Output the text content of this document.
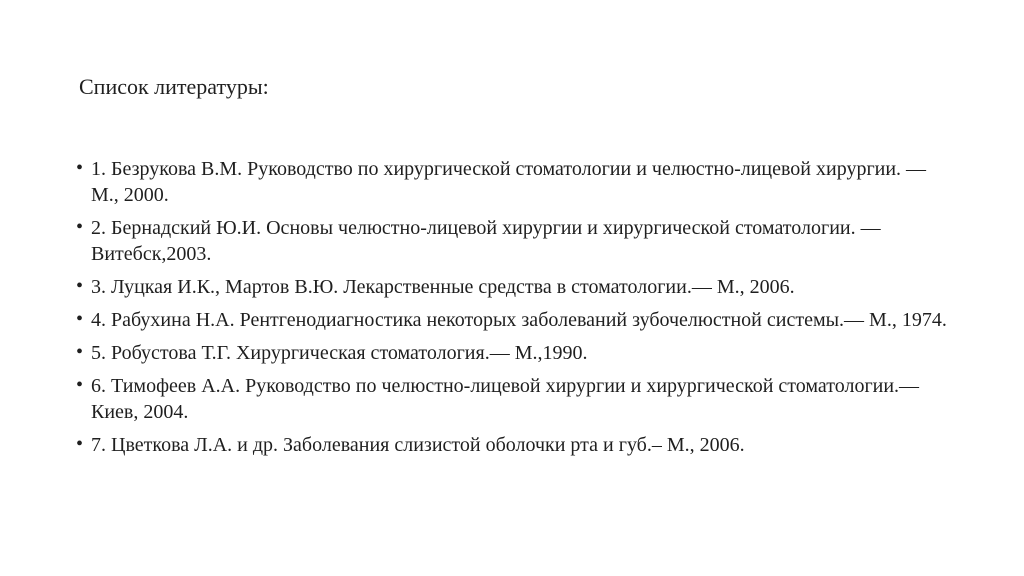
Список литературы:
• 1. Безрукова В.М. Руководство по хирургической стоматологии и челюстно-лицевой хирургии. — М., 2000.
• 2. Бернадский Ю.И. Основы челюстно-лицевой хирургии и хирургической стоматологии. — Витебск,2003.
• 3. Луцкая И.К., Мартов В.Ю. Лекарственные средства в стоматологии.— М., 2006.
• 4. Рабухина Н.А. Рентгенодиагностика некоторых заболеваний зубочелюстной системы.— М., 1974.
• 5. Робустова Т.Г. Хирургическая стоматология.— М.,1990.
• 6. Тимофеев А.А. Руководство по челюстно-лицевой хирургии и хирургической стоматологии.— Киев, 2004.
• 7. Цветкова Л.А. и др. Заболевания слизистой оболочки рта и губ.– М., 2006.
